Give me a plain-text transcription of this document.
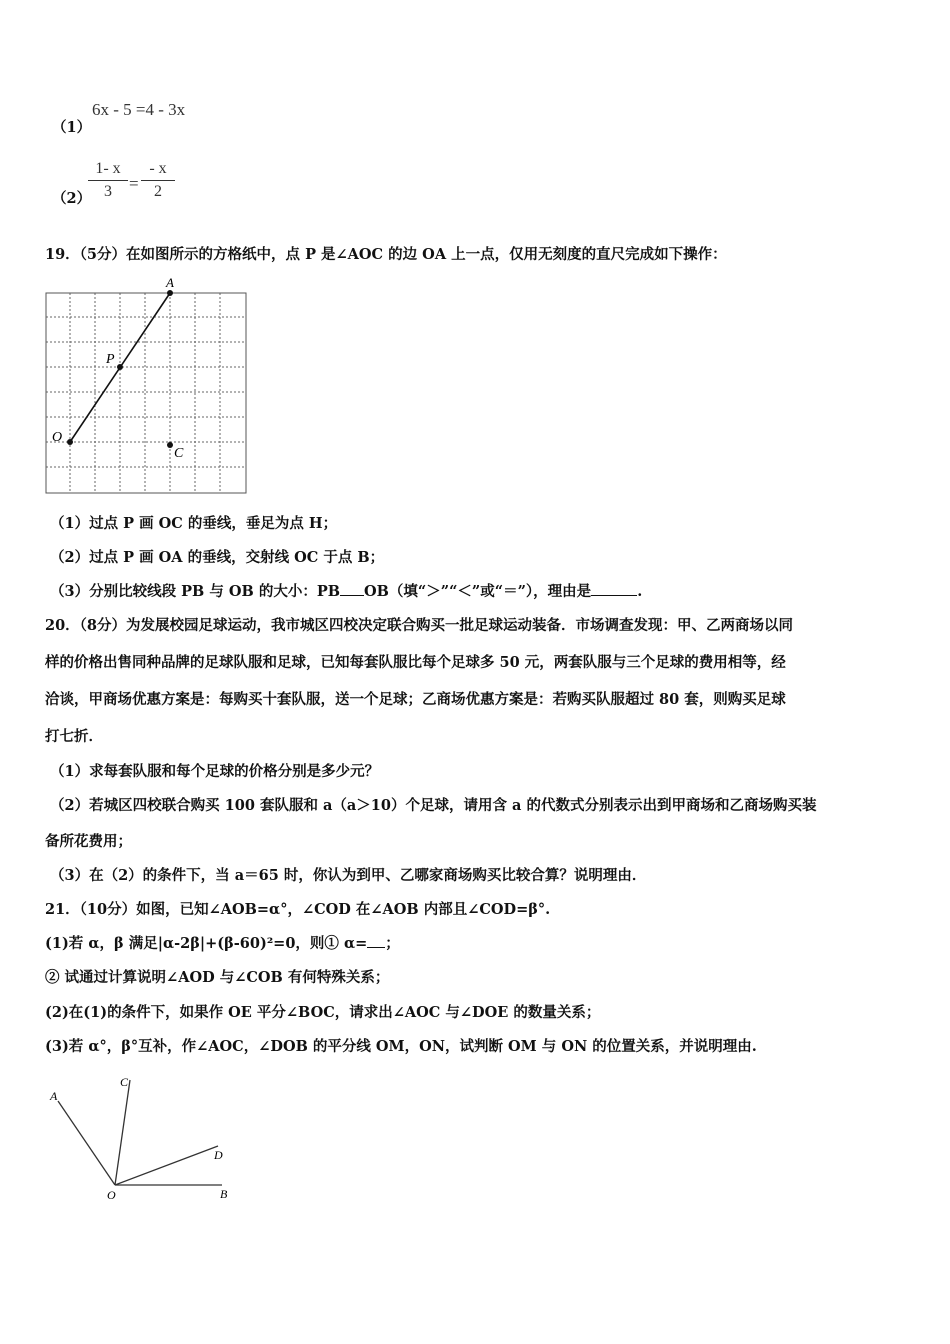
（1）
6x - 5 =4 - 3x
（2）
1- x
3	=
- x
2
19．（5分）在如图所示的方格纸中，点 P 是∠AOC 的边 OA 上一点，仅用无刻度的直尺完成如下操作：
A
P
O
C
（1）过点 P 画 OC 的垂线，垂足为点 H；
（2）过点 P 画 OA 的垂线，交射线 OC 于点 B；
（3）分别比较线段 PB 与 OB 的大小：PB OB（填“＞”“＜”或“＝”），理由是	.
20．（8分）为发展校园足球运动，我市城区四校决定联合购买一批足球运动装备．市场调查发现：甲、乙两商场以同
样的价格出售同种品牌的足球队服和足球，已知每套队服比每个足球多 50 元，两套队服与三个足球的费用相等，经
洽谈，甲商场优惠方案是：每购买十套队服，送一个足球；乙商场优惠方案是：若购买队服超过 80 套，则购买足球
打七折．
（1）求每套队服和每个足球的价格分别是多少元？
（2）若城区四校联合购买 100 套队服和 a（a＞10）个足球，请用含 a 的代数式分别表示出到甲商场和乙商场购买装
备所花费用；
（3）在（2）的条件下，当 a＝65 时，你认为到甲、乙哪家商场购买比较合算？说明理由．
21．（10分）如图，已知∠AOB=α°，∠COD 在∠AOB 内部且∠COD=β°.
(1)若 α，β 满足|α-2β|+(β-60)²=0，则① α= ；
② 试通过计算说明∠AOD 与∠COB 有何特殊关系；
(2)在(1)的条件下，如果作 OE 平分∠BOC，请求出∠AOC 与∠DOE 的数量关系；
(3)若 α°，β°互补，作∠AOC，∠DOB 的平分线 OM，ON，试判断 OM 与 ON 的位置关系，并说明理由.
A
C
D
O	B
